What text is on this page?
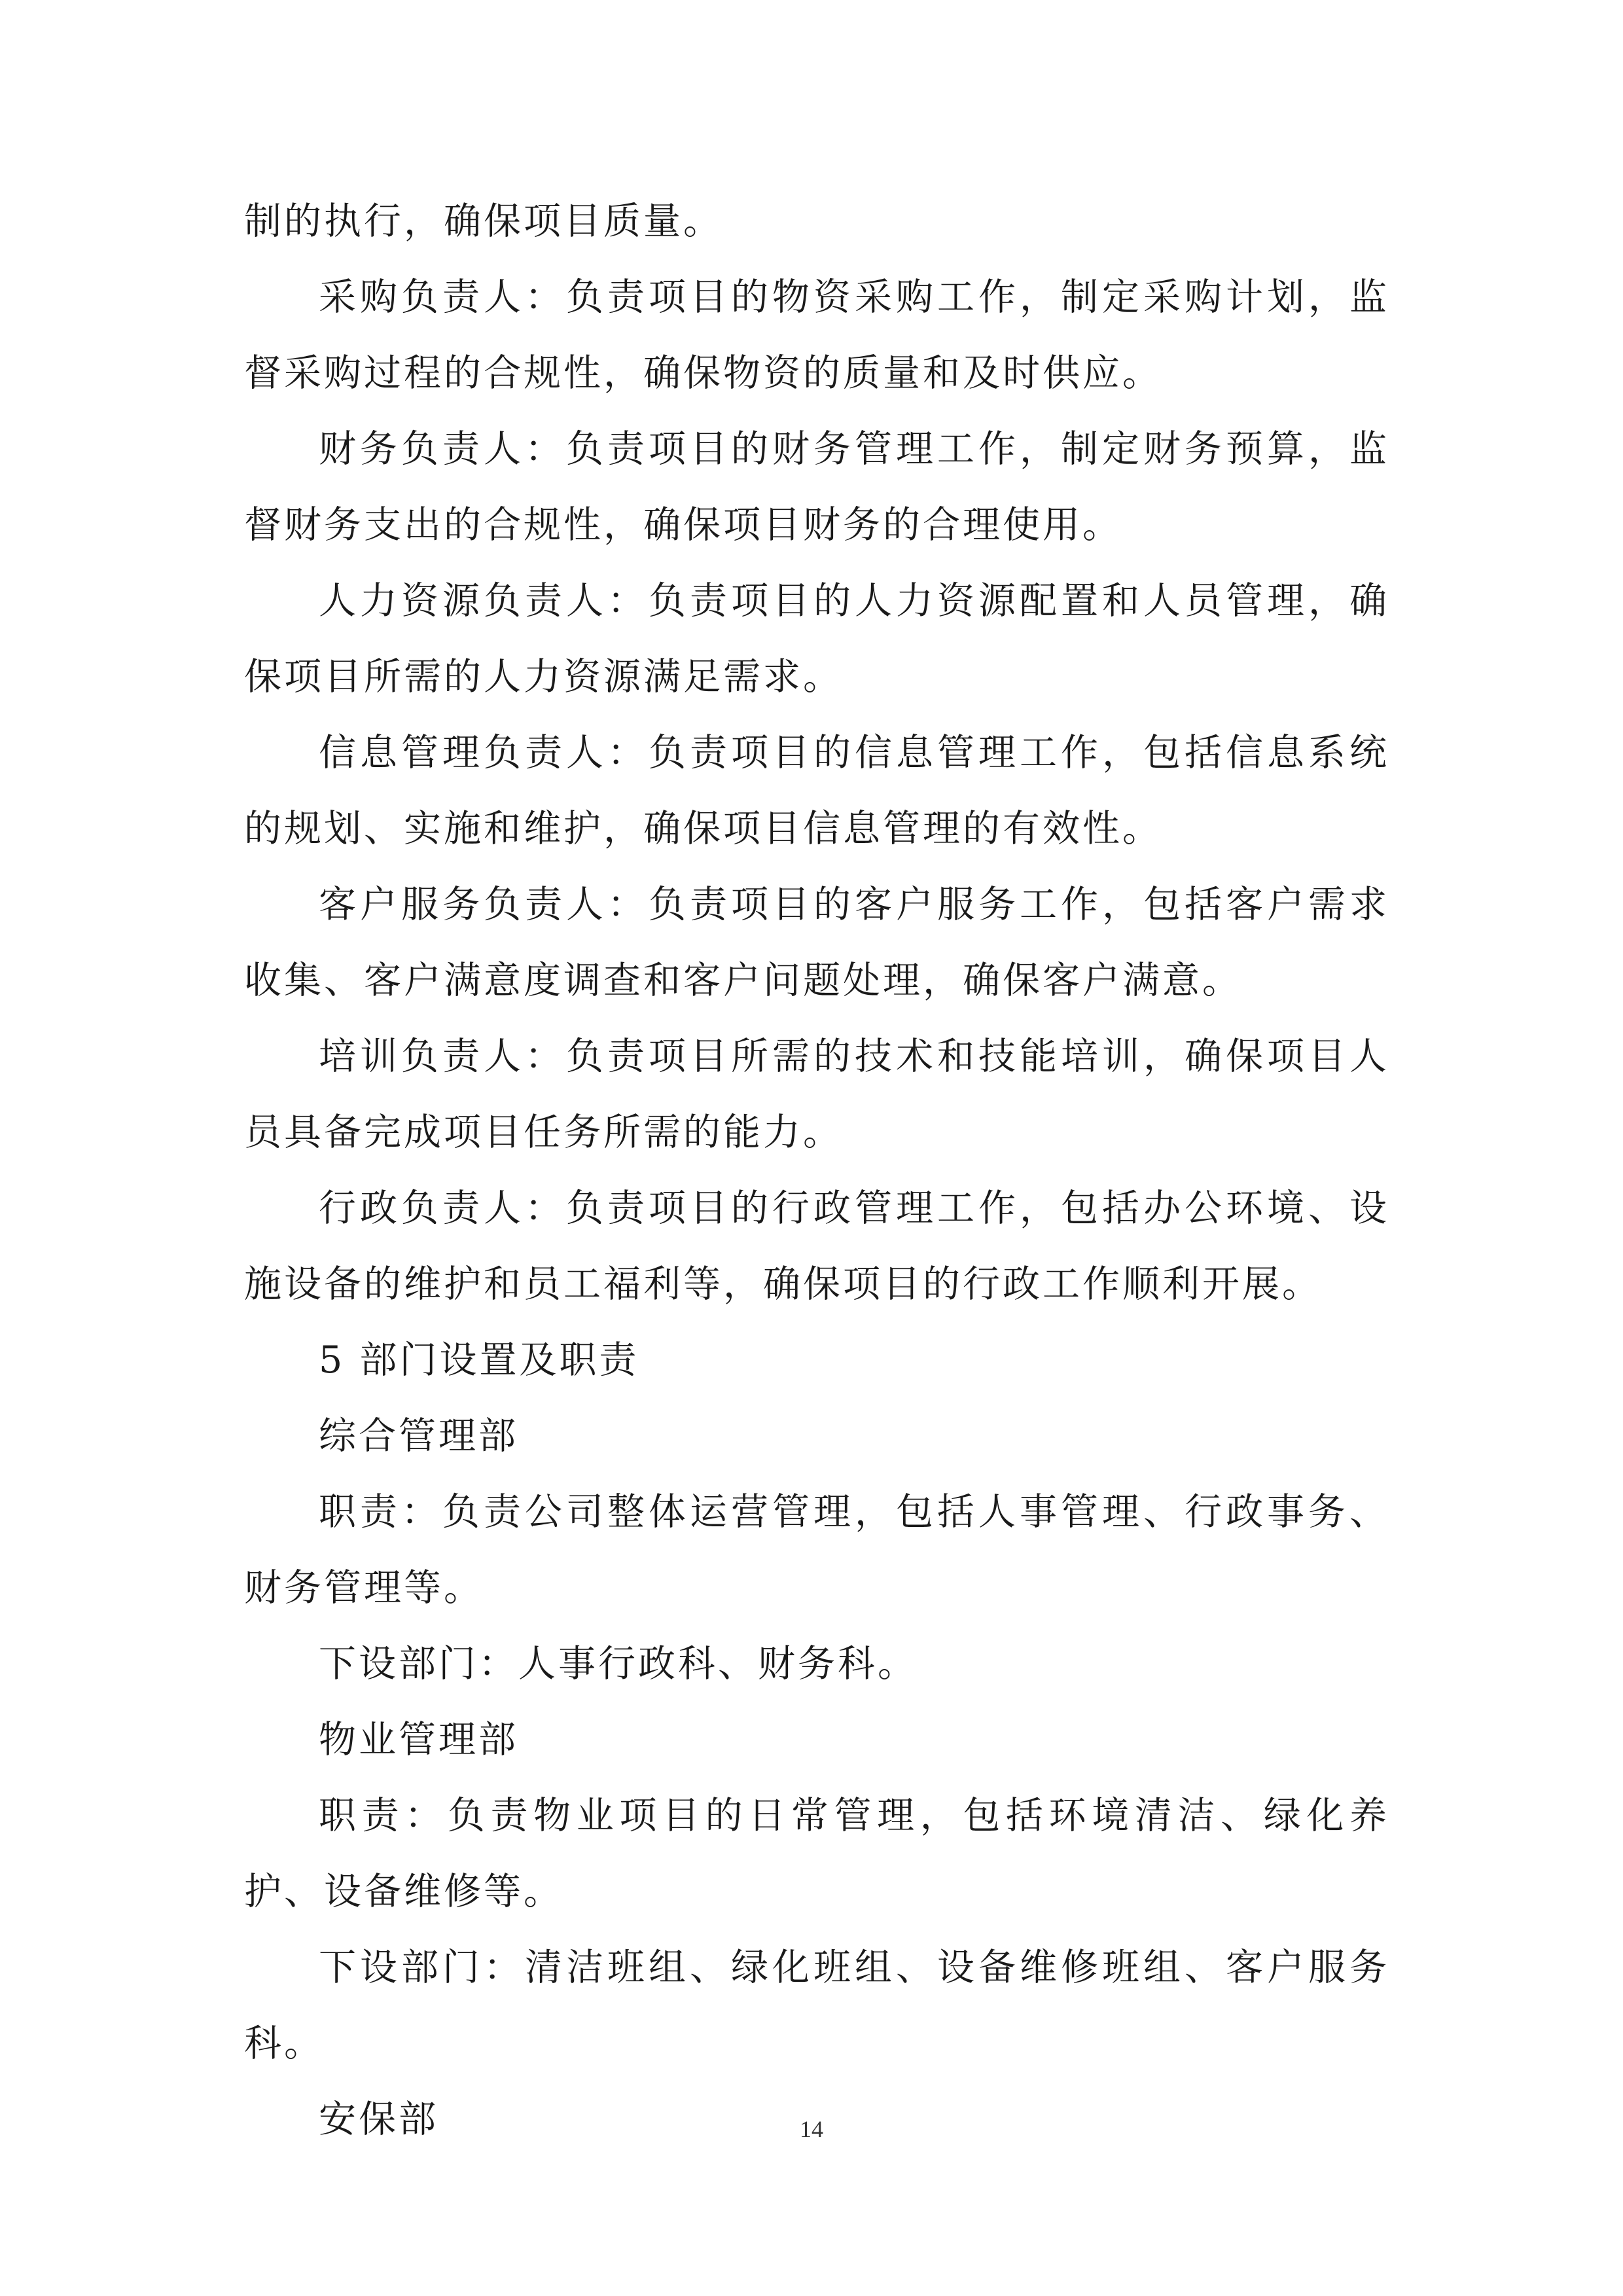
制的执行，确保项目质量。

采购负责人：负责项目的物资采购工作，制定采购计划，监督采购过程的合规性，确保物资的质量和及时供应。

财务负责人：负责项目的财务管理工作，制定财务预算，监督财务支出的合规性，确保项目财务的合理使用。

人力资源负责人：负责项目的人力资源配置和人员管理，确保项目所需的人力资源满足需求。

信息管理负责人：负责项目的信息管理工作，包括信息系统的规划、实施和维护，确保项目信息管理的有效性。

客户服务负责人：负责项目的客户服务工作，包括客户需求收集、客户满意度调查和客户问题处理，确保客户满意。

培训负责人：负责项目所需的技术和技能培训，确保项目人员具备完成项目任务所需的能力。

行政负责人：负责项目的行政管理工作，包括办公环境、设施设备的维护和员工福利等，确保项目的行政工作顺利开展。

5 部门设置及职责

综合管理部

职责：负责公司整体运营管理，包括人事管理、行政事务、财务管理等。

下设部门：人事行政科、财务科。

物业管理部

职责：负责物业项目的日常管理，包括环境清洁、绿化养护、设备维修等。

下设部门：清洁班组、绿化班组、设备维修班组、客户服务科。

安保部	14
